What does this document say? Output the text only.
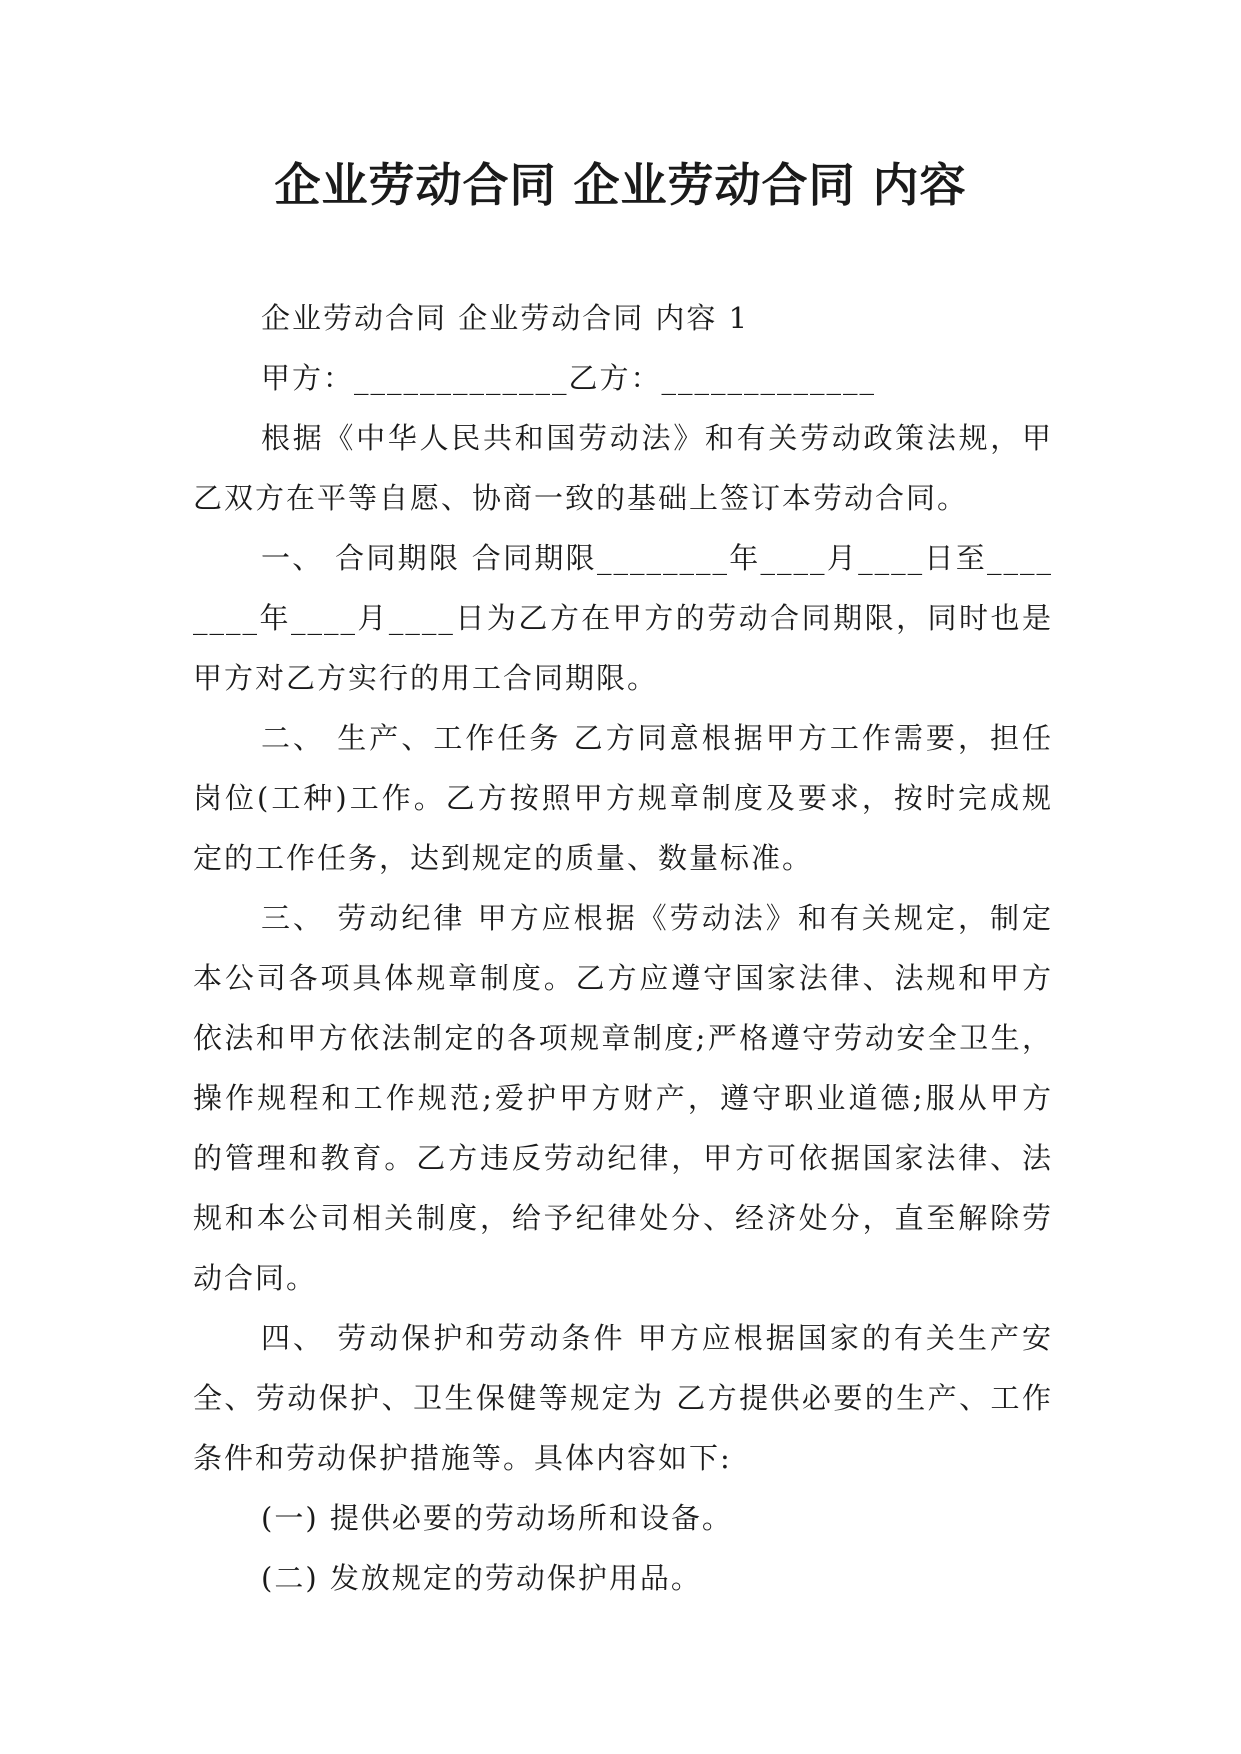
企业劳动合同 企业劳动合同 内容

企业劳动合同 企业劳动合同 内容 1

甲方：_____________乙方：_____________

根据《中华人民共和国劳动法》和有关劳动政策法规，甲乙双方在平等自愿、协商一致的基础上签订本劳动合同。

一、 合同期限 合同期限________年____月____日至________年____月____日为乙方在甲方的劳动合同期限，同时也是甲方对乙方实行的用工合同期限。

二、 生产、工作任务 乙方同意根据甲方工作需要，担任岗位(工种)工作。乙方按照甲方规章制度及要求，按时完成规定的工作任务，达到规定的质量、数量标准。

三、 劳动纪律 甲方应根据《劳动法》和有关规定，制定本公司各项具体规章制度。乙方应遵守国家法律、法规和甲方依法和甲方依法制定的各项规章制度;严格遵守劳动安全卫生，操作规程和工作规范;爱护甲方财产，遵守职业道德;服从甲方的管理和教育。乙方违反劳动纪律，甲方可依据国家法律、法规和本公司相关制度，给予纪律处分、经济处分，直至解除劳动合同。

四、 劳动保护和劳动条件 甲方应根据国家的有关生产安全、劳动保护、卫生保健等规定为 乙方提供必要的生产、工作条件和劳动保护措施等。具体内容如下:

(一) 提供必要的劳动场所和设备。

(二) 发放规定的劳动保护用品。
